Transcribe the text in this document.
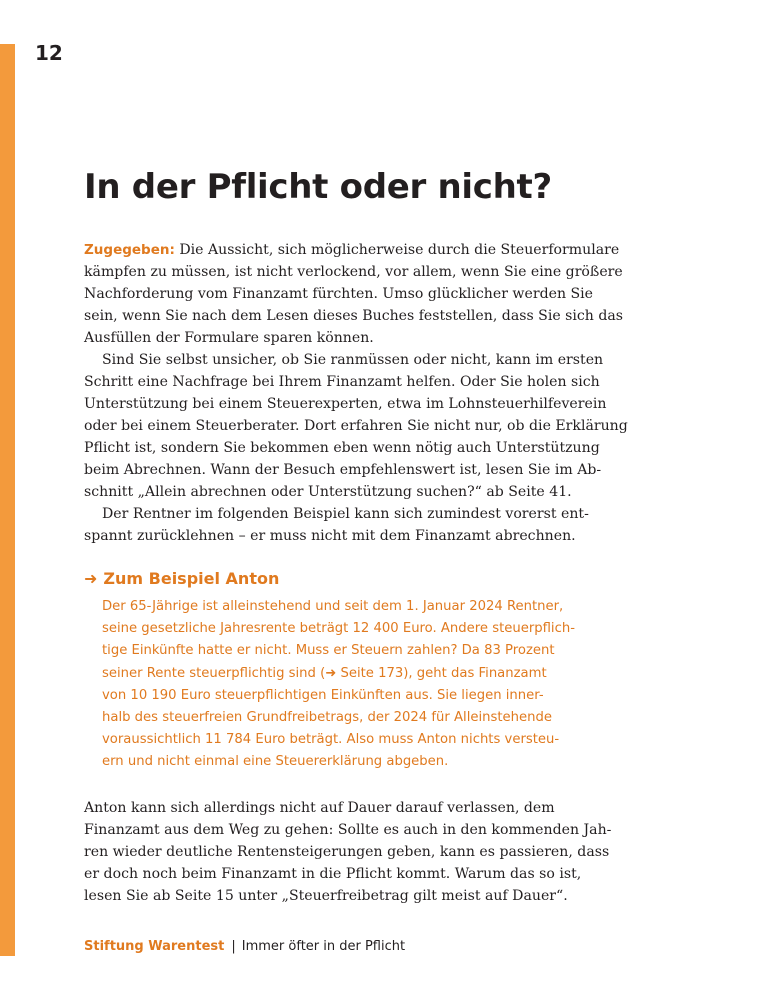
12
In der Pflicht oder nicht?
Zugegeben: Die Aussicht, sich möglicherweise durch die Steuerformulare
kämpfen zu müssen, ist nicht verlockend, vor allem, wenn Sie eine größere
Nachforderung vom Finanzamt fürchten. Umso glücklicher werden Sie
sein, wenn Sie nach dem Lesen dieses Buches feststellen, dass Sie sich das
Ausfüllen der Formulare sparen können.
Sind Sie selbst unsicher, ob Sie ranmüssen oder nicht, kann im ersten
Schritt eine Nachfrage bei Ihrem Finanzamt helfen. Oder Sie holen sich
Unterstützung bei einem Steuerexperten, etwa im Lohnsteuerhilfeverein
oder bei einem Steuerberater. Dort erfahren Sie nicht nur, ob die Erklärung
Pflicht ist, sondern Sie bekommen eben wenn nötig auch Unterstützung
beim Abrechnen. Wann der Besuch empfehlenswert ist, lesen Sie im Ab-
schnitt „Allein abrechnen oder Unterstützung suchen?“ ab Seite 41.
Der Rentner im folgenden Beispiel kann sich zumindest vorerst ent-
spannt zurücklehnen – er muss nicht mit dem Finanzamt abrechnen.
➜ Zum Beispiel Anton
Der 65-Jährige ist alleinstehend und seit dem 1. Januar 2024 Rentner,
seine gesetzliche Jahresrente beträgt 12 400 Euro. Andere steuerpflich-
tige Einkünfte hatte er nicht. Muss er Steuern zahlen? Da 83 Prozent
seiner Rente steuerpflichtig sind (➜ Seite 173), geht das Finanzamt
von 10 190 Euro steuerpflichtigen Einkünften aus. Sie liegen inner-
halb des steuerfreien Grundfreibetrags, der 2024 für Alleinstehende
voraussichtlich 11 784 Euro beträgt. Also muss Anton nichts versteu-
ern und nicht einmal eine Steuererklärung abgeben.
Anton kann sich allerdings nicht auf Dauer darauf verlassen, dem
Finanzamt aus dem Weg zu gehen: Sollte es auch in den kommenden Jah-
ren wieder deutliche Rentensteigerungen geben, kann es passieren, dass
er doch noch beim Finanzamt in die Pflicht kommt. Warum das so ist,
lesen Sie ab Seite 15 unter „Steuerfreibetrag gilt meist auf Dauer“.
Stiftung Warentest | Immer öfter in der Pflicht
